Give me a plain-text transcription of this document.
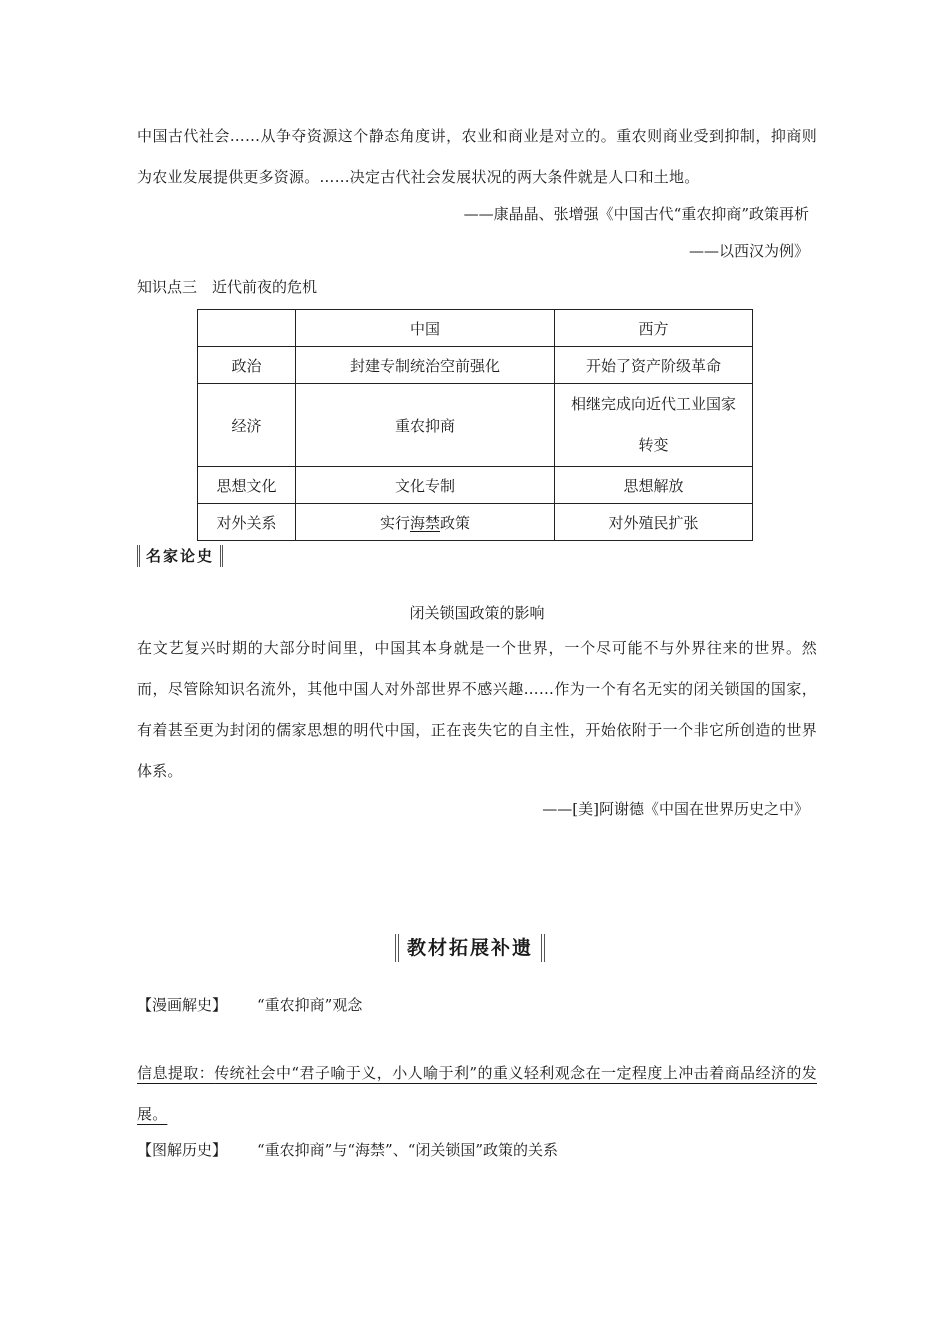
中国古代社会……从争夺资源这个静态角度讲，农业和商业是对立的。重农则商业受到抑制，抑商则为农业发展提供更多资源。……决定古代社会发展状况的两大条件就是人口和土地。
——康晶晶、张增强《中国古代“重农抑商”政策再析
——以西汉为例》
知识点三　近代前夜的危机
	中国	西方
政治	封建专制统治空前强化	开始了资产阶级革命
经济	重农抑商	相继完成向近代工业国家转变

思想文化	文化专制	思想解放
对外关系	实行海禁政策	对外殖民扩张
名家论史
闭关锁国政策的影响
在文艺复兴时期的大部分时间里，中国其本身就是一个世界，一个尽可能不与外界往来的世界。然而，尽管除知识名流外，其他中国人对外部世界不感兴趣……作为一个有名无实的闭关锁国的国家，有着甚至更为封闭的儒家思想的明代中国，正在丧失它的自主性，开始依附于一个非它所创造的世界体系。
——[美]阿谢德《中国在世界历史之中》
教材拓展补遗
【漫画解史】 “重农抑商”观念
信息提取：传统社会中“君子喻于义，小人喻于利”的重义轻利观念在一定程度上冲击着商品经济的发展。
【图解历史】 “重农抑商”与“海禁”、“闭关锁国”政策的关系
